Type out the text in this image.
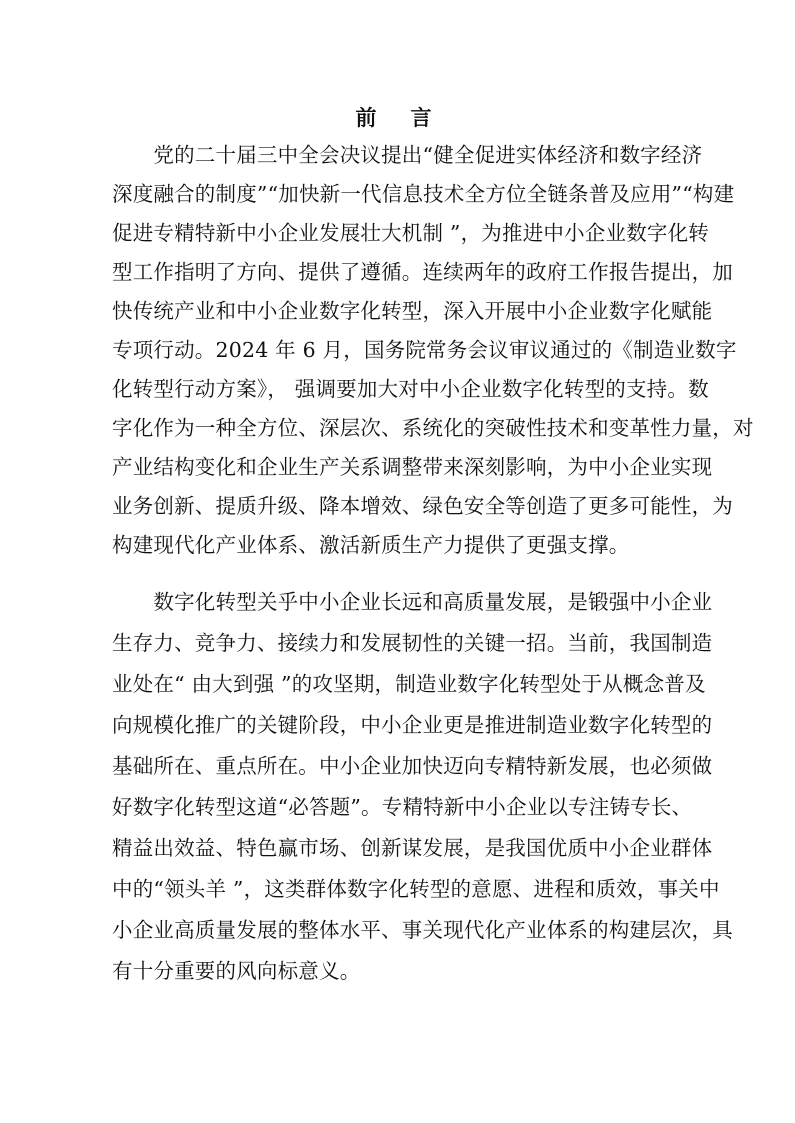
前 言
　　党的二十届三中全会决议提出“健全促进实体经济和数字经济
深度融合的制度”“加快新一代信息技术全方位全链条普及应用”“构建
促进专精特新中小企业发展壮大机制 ”，为推进中小企业数字化转
型工作指明了方向、提供了遵循。连续两年的政府工作报告提出，加
快传统产业和中小企业数字化转型，深入开展中小企业数字化赋能
专项行动。2024 年 6 月，国务院常务会议审议通过的《制造业数字
化转型行动方案》， 强调要加大对中小企业数字化转型的支持。数
字化作为一种全方位、深层次、系统化的突破性技术和变革性力量，对
产业结构变化和企业生产关系调整带来深刻影响，为中小企业实现
业务创新、提质升级、降本增效、绿色安全等创造了更多可能性，为
构建现代化产业体系、激活新质生产力提供了更强支撑。
　　数字化转型关乎中小企业长远和高质量发展，是锻强中小企业
生存力、竞争力、接续力和发展韧性的关键一招。当前，我国制造
业处在“ 由大到强 ”的攻坚期，制造业数字化转型处于从概念普及
向规模化推广的关键阶段，中小企业更是推进制造业数字化转型的
基础所在、重点所在。中小企业加快迈向专精特新发展，也必须做
好数字化转型这道“必答题”。专精特新中小企业以专注铸专长、
精益出效益、特色赢市场、创新谋发展，是我国优质中小企业群体
中的“领头羊 ”，这类群体数字化转型的意愿、进程和质效，事关中
小企业高质量发展的整体水平、事关现代化产业体系的构建层次，具
有十分重要的风向标意义。
